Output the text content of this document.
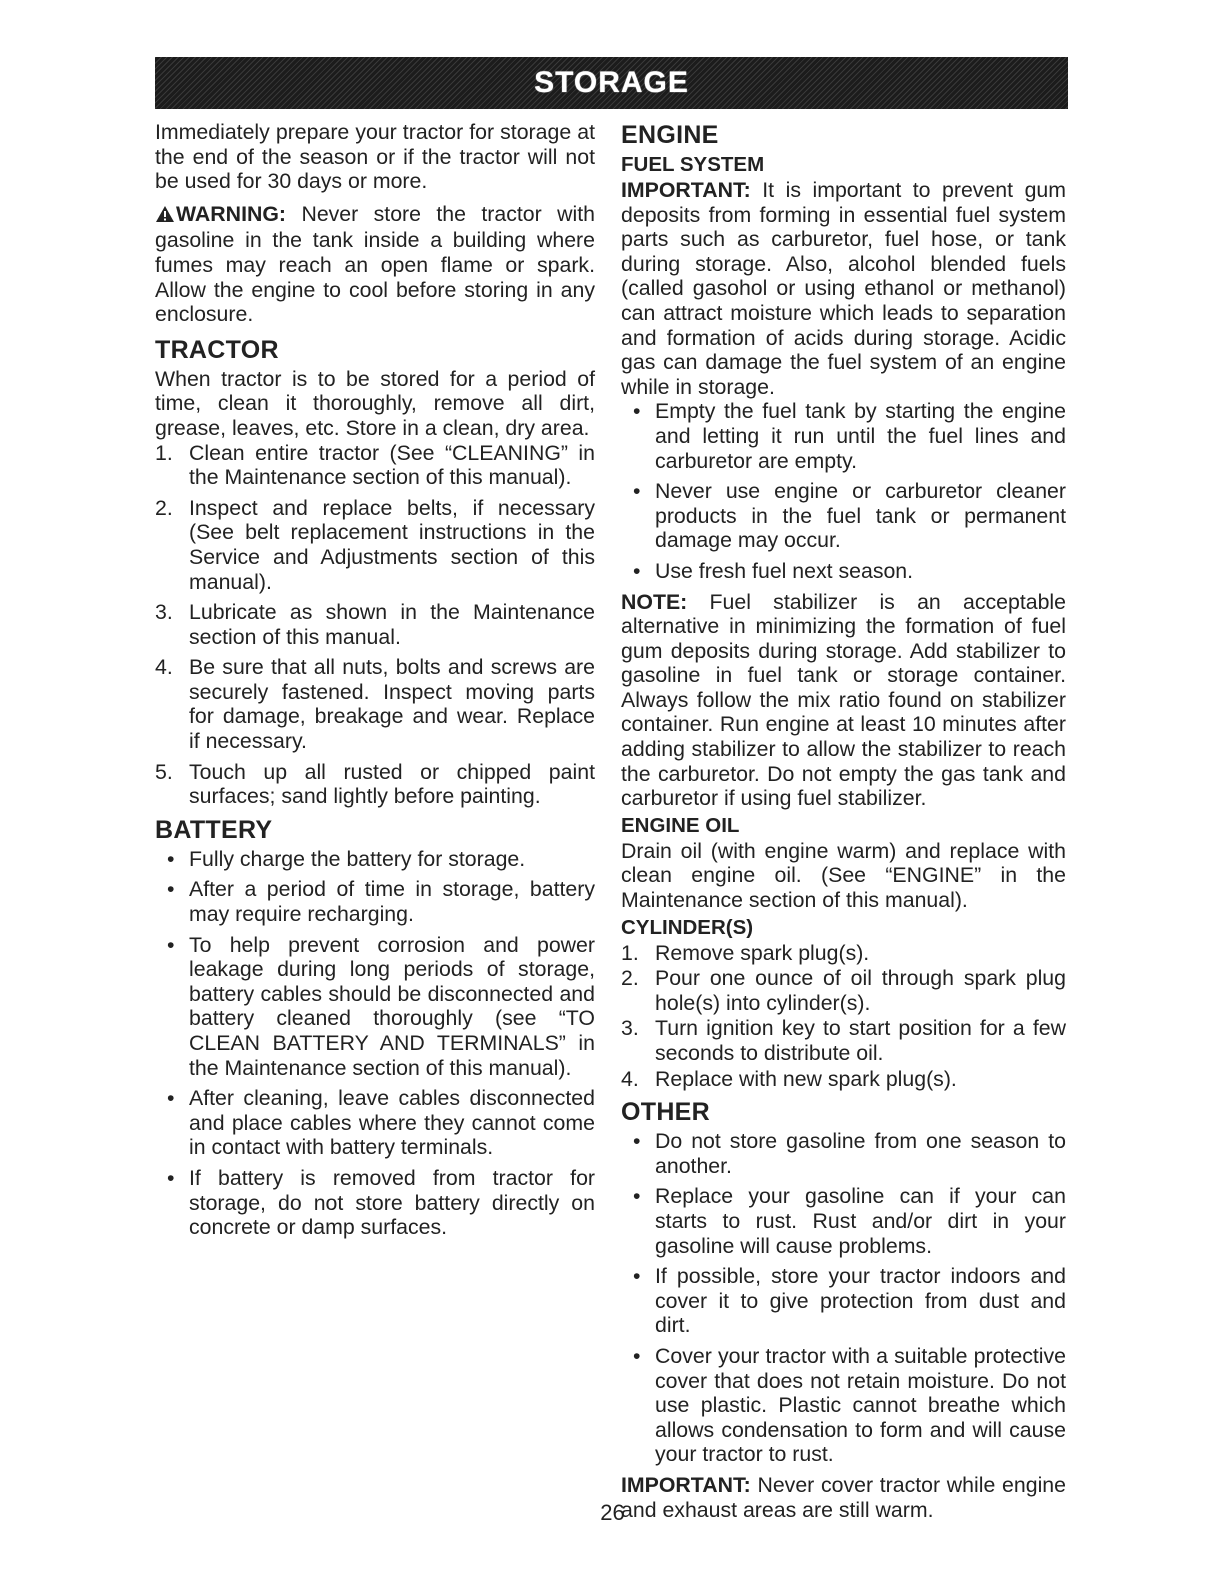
STORAGE

Immediately prepare your tractor for storage at the end of the season or if the tractor will not be used for 30 days or more.

WARNING: Never store the tractor with gasoline in the tank inside a building where fumes may reach an open flame or spark. Allow the engine to cool before storing in any enclosure.

TRACTOR

When tractor is to be stored for a period of time, clean it thoroughly, remove all dirt, grease, leaves, etc. Store in a clean, dry area.

1. Clean entire tractor (See “CLEANING” in the Maintenance section of this manual).
2. Inspect and replace belts, if necessary (See belt replacement instructions in the Service and Adjustments section of this manual).
3. Lubricate as shown in the Maintenance section of this manual.
4. Be sure that all nuts, bolts and screws are securely fastened. Inspect moving parts for damage, breakage and wear. Replace if necessary.
5. Touch up all rusted or chipped paint surfaces; sand lightly before painting.
BATTERY
• Fully charge the battery for storage.
• After a period of time in storage, battery may require recharging.
• To help prevent corrosion and power leakage during long periods of storage, battery cables should be disconnected and battery cleaned thoroughly (see “TO CLEAN BATTERY AND TERMINALS” in the Maintenance section of this manual).
• After cleaning, leave cables disconnected and place cables where they cannot come in contact with battery terminals.
• If battery is removed from tractor for storage, do not store battery directly on concrete or damp surfaces.
ENGINE
FUEL SYSTEM

IMPORTANT: It is important to prevent gum deposits from forming in essential fuel system parts such as carburetor, fuel hose, or tank during storage. Also, alcohol blended fuels (called gasohol or using ethanol or methanol) can attract moisture which leads to separation and formation of acids during storage. Acidic gas can damage the fuel system of an engine while in storage.

• Empty the fuel tank by starting the engine and letting it run until the fuel lines and carburetor are empty.
• Never use engine or carburetor cleaner products in the fuel tank or permanent damage may occur.
• Use fresh fuel next season.

NOTE: Fuel stabilizer is an acceptable alternative in minimizing the formation of fuel gum deposits during storage. Add stabilizer to gasoline in fuel tank or storage container. Always follow the mix ratio found on stabilizer container. Run engine at least 10 minutes after adding stabilizer to allow the stabilizer to reach the carburetor. Do not empty the gas tank and carburetor if using fuel stabilizer.

ENGINE OIL

Drain oil (with engine warm) and replace with clean engine oil. (See “ENGINE” in the Maintenance section of this manual).

CYLINDER(S)
1. Remove spark plug(s).
2. Pour one ounce of oil through spark plug hole(s) into cylinder(s).
3. Turn ignition key to start position for a few seconds to distribute oil.
4. Replace with new spark plug(s).
OTHER
• Do not store gasoline from one season to another.
• Replace your gasoline can if your can starts to rust. Rust and/or dirt in your gasoline will cause problems.
• If possible, store your tractor indoors and cover it to give protection from dust and dirt.
• Cover your tractor with a suitable protective cover that does not retain moisture. Do not use plastic. Plastic cannot breathe which allows condensation to form and will cause your tractor to rust.

IMPORTANT: Never cover tractor while engine and exhaust areas are still warm.

26
